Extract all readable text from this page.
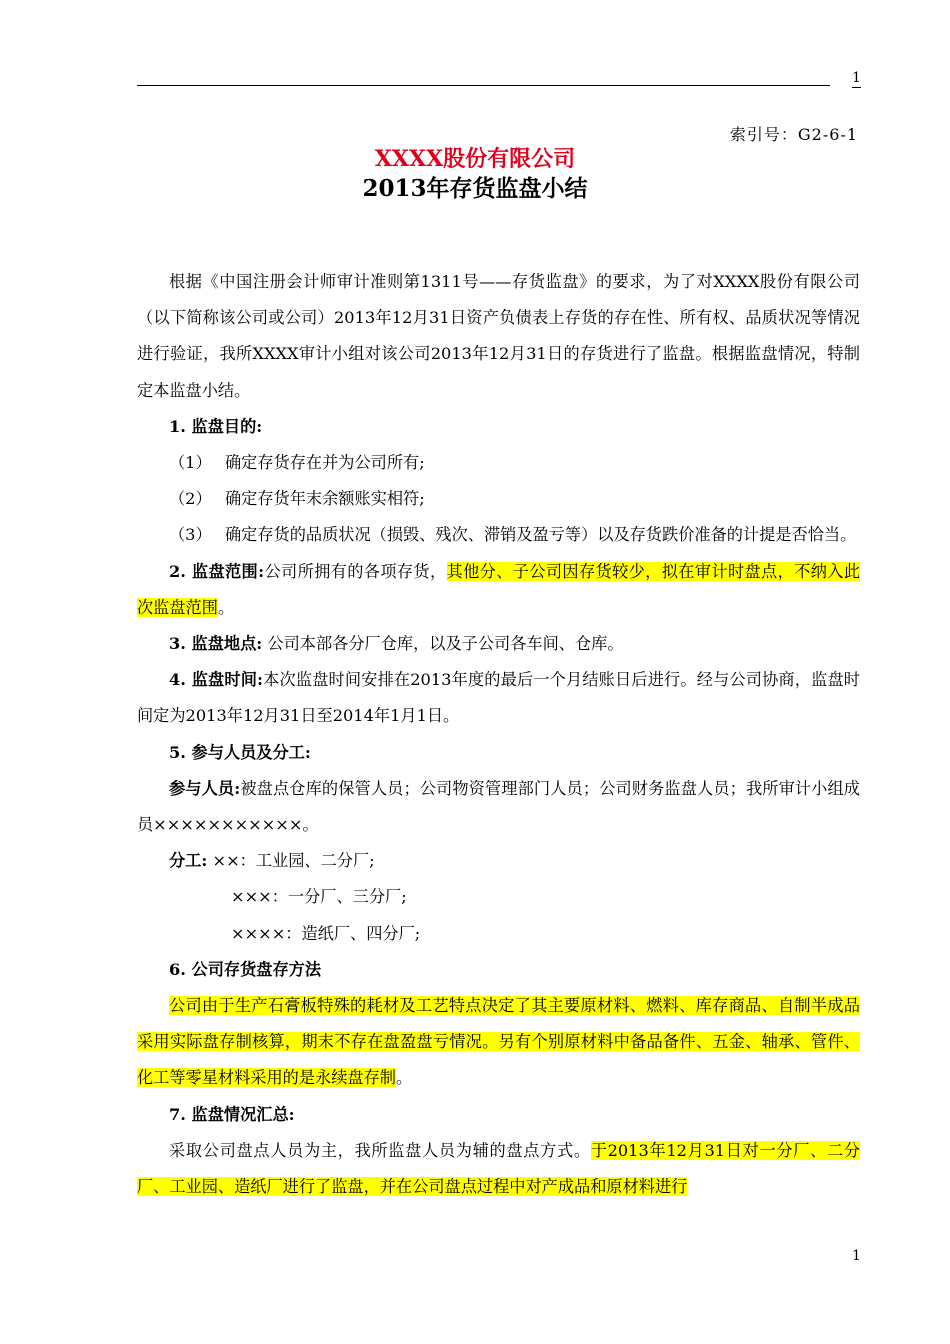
1
索引号：G2-6-1
XXXX股份有限公司
2013年存货监盘小结

根据《中国注册会计师审计准则第1311号——存货监盘》的要求，为了对XXXX股份有限公司（以下简称该公司或公司）2013年12月31日资产负债表上存货的存在性、所有权、品质状况等情况进行验证，我所XXXX审计小组对该公司2013年12月31日的存货进行了监盘。根据监盘情况，特制定本监盘小结。

1. 监盘目的:

（1） 确定存货存在并为公司所有;
（2） 确定存货年末余额账实相符;
（3） 确定存货的品质状况（损毁、残次、滞销及盈亏等）以及存货跌价准备的计提是否恰当。

2. 监盘范围:公司所拥有的各项存货，其他分、子公司因存货较少，拟在审计时盘点，不纳入此次监盘范围。

3. 监盘地点: 公司本部各分厂仓库，以及子公司各车间、仓库。

4. 监盘时间:本次监盘时间安排在2013年度的最后一个月结账日后进行。经与公司协商，监盘时间定为2013年12月31日至2014年1月1日。

5. 参与人员及分工:

参与人员:被盘点仓库的保管人员；公司物资管理部门人员；公司财务监盘人员；我所审计小组成员×××××××××××。

分工: ××：工业园、二分厂;

×××：一分厂、三分厂;

××××：造纸厂、四分厂;

6. 公司存货盘存方法

公司由于生产石膏板特殊的耗材及工艺特点决定了其主要原材料、燃料、库存商品、自制半成品采用实际盘存制核算，期末不存在盘盈盘亏情况。另有个别原材料中备品备件、五金、轴承、管件、化工等零星材料采用的是永续盘存制。

7. 监盘情况汇总:

采取公司盘点人员为主，我所监盘人员为辅的盘点方式。于2013年12月31日对一分厂、二分厂、工业园、造纸厂进行了监盘，并在公司盘点过程中对产成品和原材料进行

1
